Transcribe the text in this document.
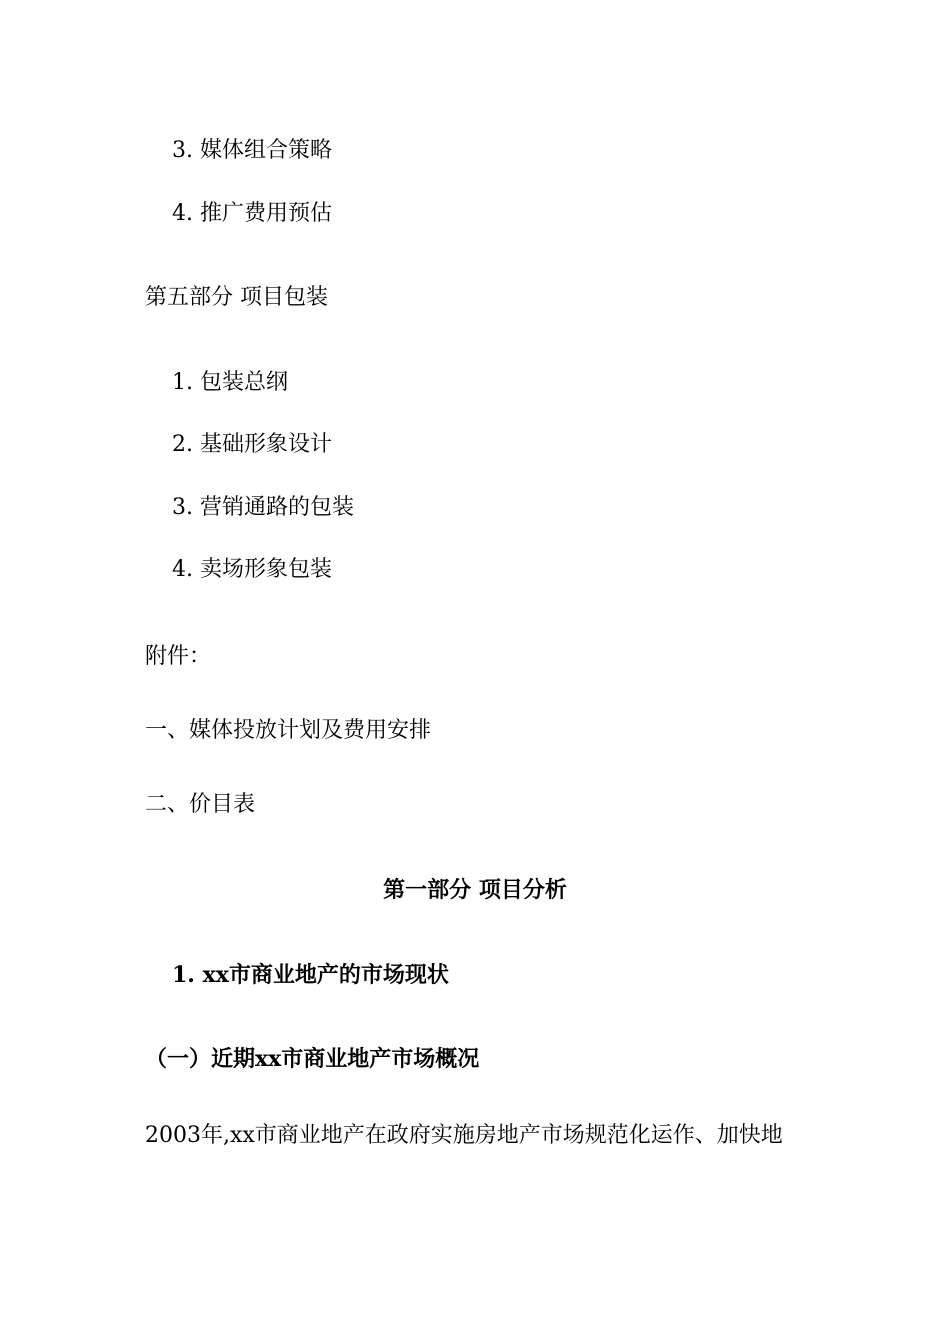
3. 媒体组合策略
4. 推广费用预估
第五部分 项目包装
1. 包装总纲
2. 基础形象设计
3. 营销通路的包装
4. 卖场形象包装
附件：
一、媒体投放计划及费用安排
二、价目表
第一部分 项目分析
1. xx市商业地产的市场现状
（一）近期xx市商业地产市场概况
2003年,xx市商业地产在政府实施房地产市场规范化运作、加快地
